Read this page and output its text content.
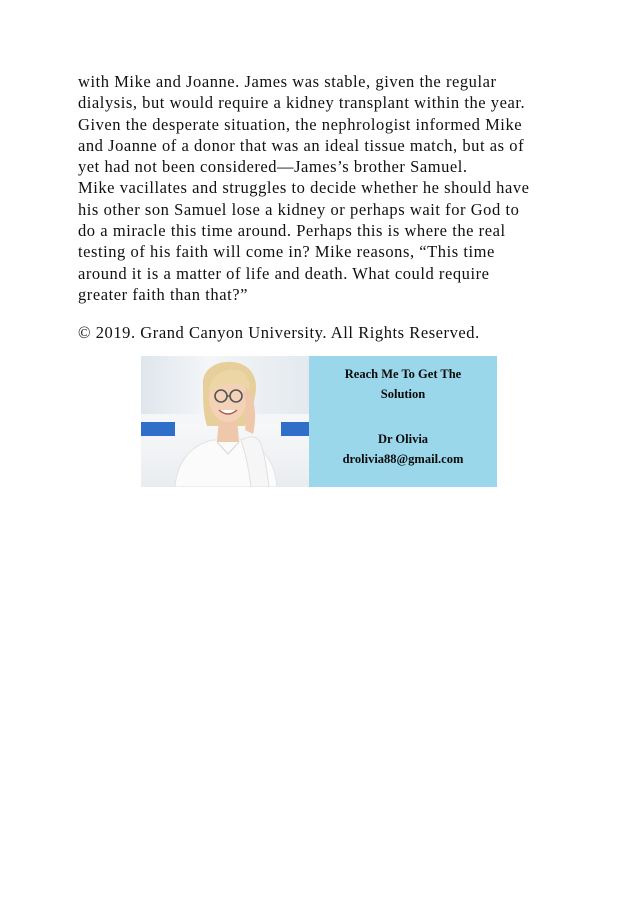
with Mike and Joanne. James was stable, given the regular
dialysis, but would require a kidney transplant within the year.
Given the desperate situation, the nephrologist informed Mike
and Joanne of a donor that was an ideal tissue match, but as of
yet had not been considered—James’s brother Samuel.
Mike vacillates and struggles to decide whether he should have
his other son Samuel lose a kidney or perhaps wait for God to
do a miracle this time around. Perhaps this is where the real
testing of his faith will come in? Mike reasons, “This time
around it is a matter of life and death. What could require
greater faith than that?”

© 2019. Grand Canyon University. All Rights Reserved.

Reach Me To Get The
Solution
Dr Olivia
drolivia88@gmail.com
